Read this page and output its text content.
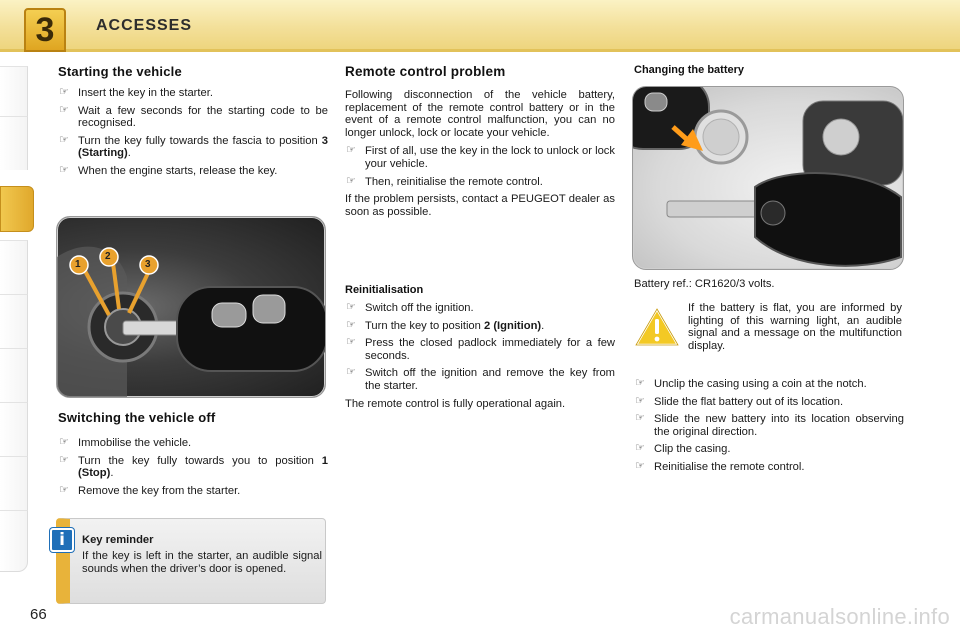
3	ACCESSES
Starting the vehicle
☞ Insert the key in the starter.
☞ Wait a few seconds for the starting code to be recognised.
☞ Turn the key fully towards the fascia to position 3 (Starting).
☞ When the engine starts, release the key.
1
2
3
Switching the vehicle off
☞ Immobilise the vehicle.
☞ Turn the key fully towards you to position 1 (Stop).
☞ Remove the key from the starter.
i	Key reminder
If the key is left in the starter, an audible signal sounds when the driver’s door is opened.
Remote control problem

Following disconnection of the vehicle battery, replacement of the remote control battery or in the event of a remote control malfunction, you can no longer unlock, lock or locate your vehicle.

☞ First of all, use the key in the lock to unlock or lock your vehicle.
☞ Then, reinitialise the remote control.

If the problem persists, contact a PEUGEOT dealer as soon as possible.

Reinitialisation
☞ Switch off the ignition.
☞ Turn the key to position 2 (Ignition).
☞ Press the closed padlock immediately for a few seconds.
☞ Switch off the ignition and remove the key from the starter.

The remote control is fully operational again.

Changing the battery

Battery ref.: CR1620/3 volts.

If the battery is flat, you are informed by lighting of this warning light, an audible signal and a message on the multifunction display.
☞ Unclip the casing using a coin at the notch.
☞ Slide the flat battery out of its location.
☞ Slide the new battery into its location observing the original direction.
☞ Clip the casing.
☞ Reinitialise the remote control.
66	carmanualsonline.info
